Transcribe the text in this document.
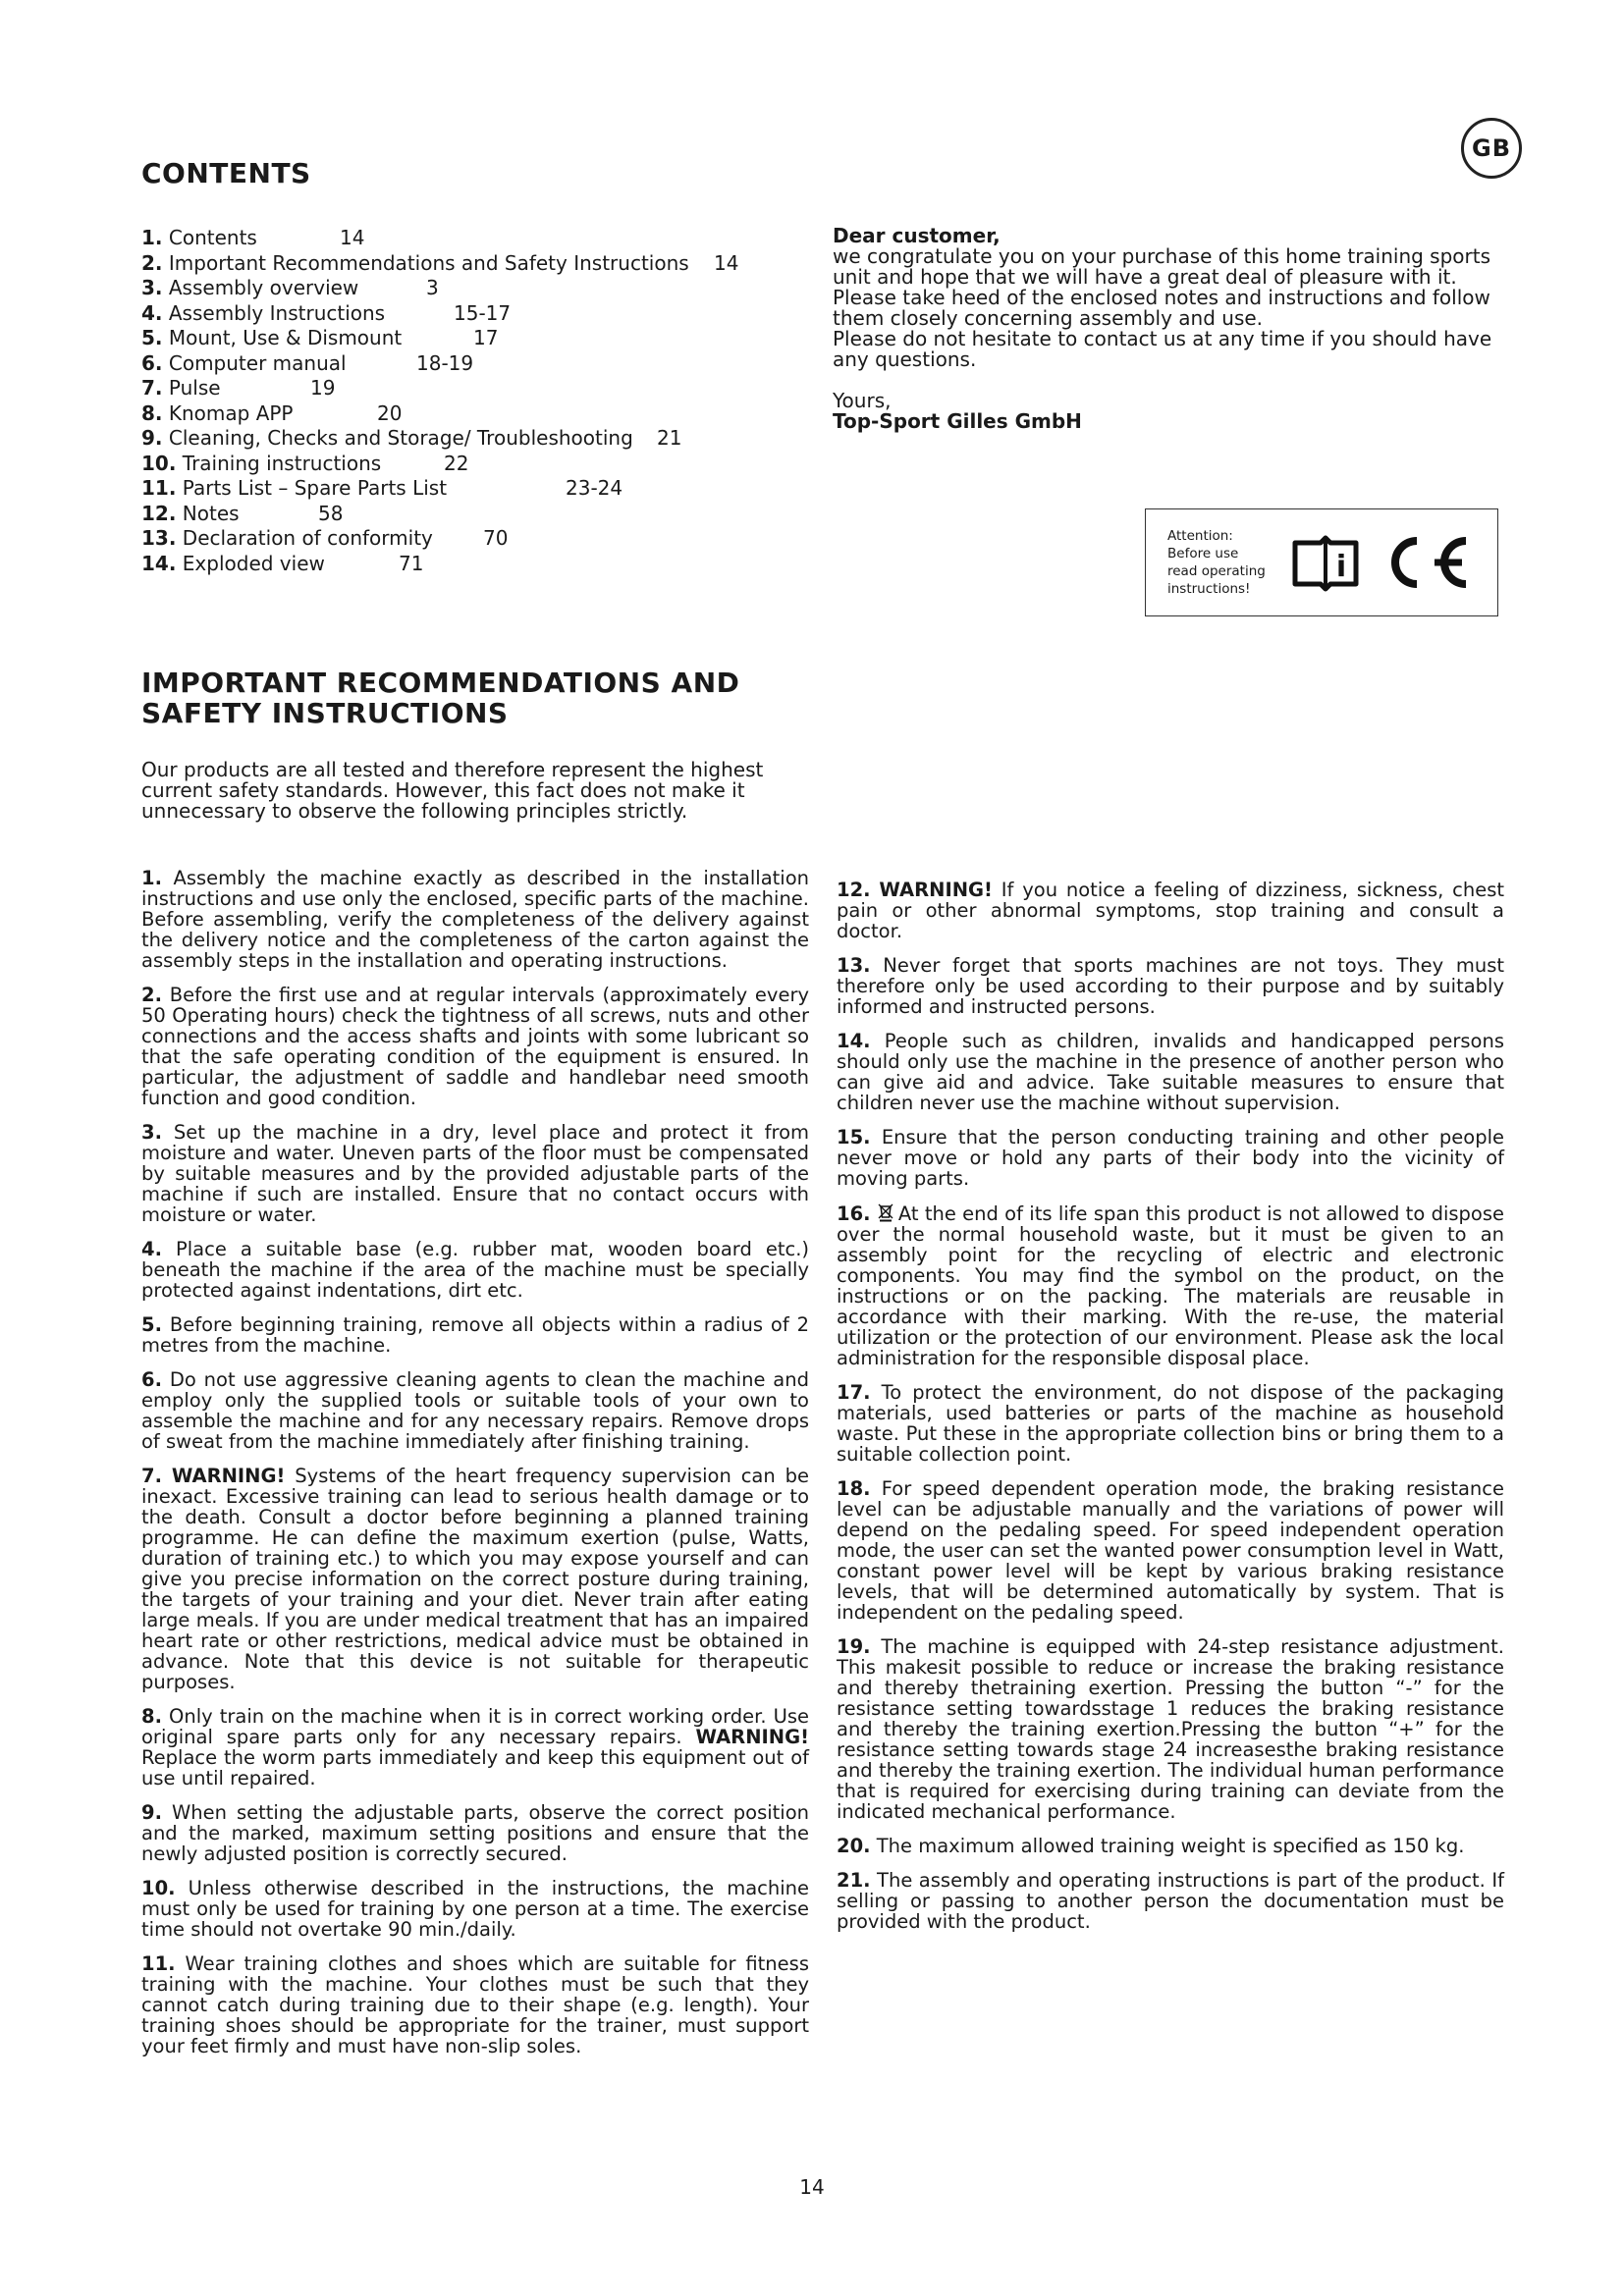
GB
CONTENTS
1. Contents	14
2. Important Recommendations and Safety Instructions 14
3. Assembly overview	3
4. Assembly Instructions	15-17
5. Mount, Use & Dismount	17
6. Computer manual	18-19
7. Pulse	19
8. Knomap APP	20
9. Cleaning, Checks and Storage/ Troubleshooting 21
10. Training instructions	22
11. Parts List – Spare Parts List	23-24
12. Notes	58
13. Declaration of conformity	70
14. Exploded view	71

Dear customer,

we congratulate you on your purchase of this home training sports unit and hope that we will have a great deal of pleasure with it. Please take heed of the enclosed notes and instructions and follow them closely concerning assembly and use.

Please do not hesitate to contact us at any time if you should have any questions.

Yours,

Top-Sport Gilles GmbH

Attention:
Before use
read operating
instructions!
i
IMPORTANT RECOMMENDATIONS AND
SAFETY INSTRUCTIONS
Our products are all tested and therefore represent the highest current safety standards. However, this fact does not make it unnecessary to observe the following principles strictly.

1. Assembly the machine exactly as described in the installation instructions and use only the enclosed, specific parts of the machine. Before assembling, verify the completeness of the delivery against the delivery notice and the completeness of the carton against the assembly steps in the installation and operating instructions.

2. Before the first use and at regular intervals (approximately every 50 Operating hours) check the tightness of all screws, nuts and other connections and the access shafts and joints with some lubricant so that the safe operating condition of the equipment is ensured. In particular, the adjustment of saddle and handlebar need smooth function and good condition.

3. Set up the machine in a dry, level place and protect it from moisture and water. Uneven parts of the floor must be compensated by suitable measures and by the provided adjustable parts of the machine if such are installed. Ensure that no contact occurs with moisture or water.

4. Place a suitable base (e.g. rubber mat, wooden board etc.) beneath the machine if the area of the machine must be specially protected against indentations, dirt etc.

5. Before beginning training, remove all objects within a radius of 2 metres from the machine.

6. Do not use aggressive cleaning agents to clean the machine and employ only the supplied tools or suitable tools of your own to assemble the machine and for any necessary repairs. Remove drops of sweat from the machine immediately after finishing training.

7. WARNING! Systems of the heart frequency supervision can be inexact. Excessive training can lead to serious health damage or to the death. Consult a doctor before beginning a planned training programme. He can define the maximum exertion (pulse, Watts, duration of training etc.) to which you may expose yourself and can give you precise information on the correct posture during training, the targets of your training and your diet. Never train after eating large meals. If you are under medical treatment that has an impaired heart rate or other restrictions, medical advice must be obtained in advance. Note that this device is not suitable for therapeutic purposes.

8. Only train on the machine when it is in correct working order. Use original spare parts only for any necessary repairs. WARNING! Replace the worm parts immediately and keep this equipment out of use until repaired.

9. When setting the adjustable parts, observe the correct position and the marked, maximum setting positions and ensure that the newly adjusted position is correctly secured.

10. Unless otherwise described in the instructions, the machine must only be used for training by one person at a time. The exercise time should not overtake 90 min./daily.

11. Wear training clothes and shoes which are suitable for fitness training with the machine. Your clothes must be such that they cannot catch during training due to their shape (e.g. length). Your training shoes should be appropriate for the trainer, must support your feet firmly and must have non-slip soles.

12. WARNING! If you notice a feeling of dizziness, sickness, chest pain or other abnormal symptoms, stop training and consult a doctor.

13. Never forget that sports machines are not toys. They must therefore only be used according to their purpose and by suitably informed and instructed persons.

14. People such as children, invalids and handicapped persons should only use the machine in the presence of another person who can give aid and advice. Take suitable measures to ensure that children never use the machine without supervision.

15. Ensure that the person conducting training and other people never move or hold any parts of their body into the vicinity of moving parts.

16. At the end of its life span this product is not allowed to dispose over the normal household waste, but it must be given to an assembly point for the recycling of electric and electronic components. You may find the symbol on the product, on the instructions or on the packing. The materials are reusable in accordance with their marking. With the re-use, the material utilization or the protection of our environment. Please ask the local administration for the responsible disposal place.

17. To protect the environment, do not dispose of the packaging materials, used batteries or parts of the machine as household waste. Put these in the appropriate collection bins or bring them to a suitable collection point.

18. For speed dependent operation mode, the braking resistance level can be adjustable manually and the variations of power will depend on the pedaling speed. For speed independent operation mode, the user can set the wanted power consumption level in Watt, constant power level will be kept by various braking resistance levels, that will be determined automatically by system. That is independent on the pedaling speed.

19. The machine is equipped with 24-step resistance adjustment. This makesit possible to reduce or increase the braking resistance and thereby thetraining exertion. Pressing the button “-” for the resistance setting towardsstage 1 reduces the braking resistance and thereby the training exertion.Pressing the button “+” for the resistance setting towards stage 24 increasesthe braking resistance and thereby the training exertion. The individual human performance that is required for exercising during training can deviate from the indicated mechanical performance.

20. The maximum allowed training weight is specified as 150 kg.

21. The assembly and operating instructions is part of the product. If selling or passing to another person the documentation must be provided with the product.

14
